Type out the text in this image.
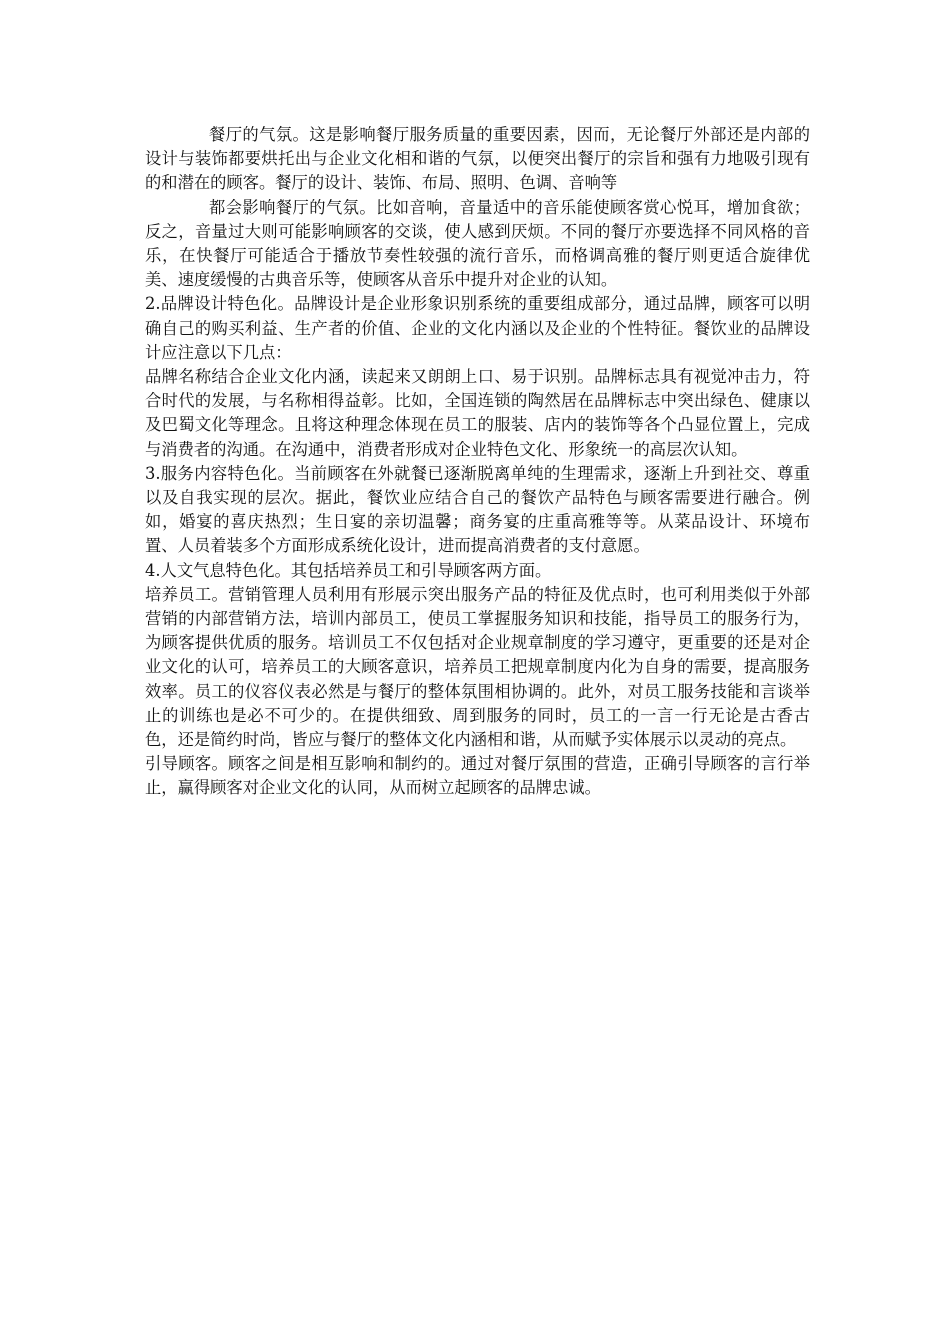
餐厅的气氛。这是影响餐厅服务质量的重要因素，因而，无论餐厅外部还是内部的设计与装饰都要烘托出与企业文化相和谐的气氛，以便突出餐厅的宗旨和强有力地吸引现有的和潜在的顾客。餐厅的设计、装饰、布局、照明、色调、音响等

都会影响餐厅的气氛。比如音响，音量适中的音乐能使顾客赏心悦耳，增加食欲；反之，音量过大则可能影响顾客的交谈，使人感到厌烦。不同的餐厅亦要选择不同风格的音乐，在快餐厅可能适合于播放节奏性较强的流行音乐，而格调高雅的餐厅则更适合旋律优美、速度缓慢的古典音乐等，使顾客从音乐中提升对企业的认知。

2.品牌设计特色化。品牌设计是企业形象识别系统的重要组成部分，通过品牌，顾客可以明确自己的购买利益、生产者的价值、企业的文化内涵以及企业的个性特征。餐饮业的品牌设计应注意以下几点：

品牌名称结合企业文化内涵，读起来又朗朗上口、易于识别。品牌标志具有视觉冲击力，符合时代的发展，与名称相得益彰。比如，全国连锁的陶然居在品牌标志中突出绿色、健康以及巴蜀文化等理念。且将这种理念体现在员工的服装、店内的装饰等各个凸显位置上，完成与消费者的沟通。在沟通中，消费者形成对企业特色文化、形象统一的高层次认知。

3.服务内容特色化。当前顾客在外就餐已逐渐脱离单纯的生理需求，逐渐上升到社交、尊重以及自我实现的层次。据此，餐饮业应结合自己的餐饮产品特色与顾客需要进行融合。例如，婚宴的喜庆热烈；生日宴的亲切温馨；商务宴的庄重高雅等等。从菜品设计、环境布置、人员着装多个方面形成系统化设计，进而提高消费者的支付意愿。

4.人文气息特色化。其包括培养员工和引导顾客两方面。

培养员工。营销管理人员利用有形展示突出服务产品的特征及优点时，也可利用类似于外部营销的内部营销方法，培训内部员工，使员工掌握服务知识和技能，指导员工的服务行为，为顾客提供优质的服务。培训员工不仅包括对企业规章制度的学习遵守，更重要的还是对企业文化的认可，培养员工的大顾客意识，培养员工把规章制度内化为自身的需要，提高服务效率。员工的仪容仪表必然是与餐厅的整体氛围相协调的。此外，对员工服务技能和言谈举止的训练也是必不可少的。在提供细致、周到服务的同时，员工的一言一行无论是古香古色，还是简约时尚，皆应与餐厅的整体文化内涵相和谐，从而赋予实体展示以灵动的亮点。

引导顾客。顾客之间是相互影响和制约的。通过对餐厅氛围的营造，正确引导顾客的言行举止，赢得顾客对企业文化的认同，从而树立起顾客的品牌忠诚。
